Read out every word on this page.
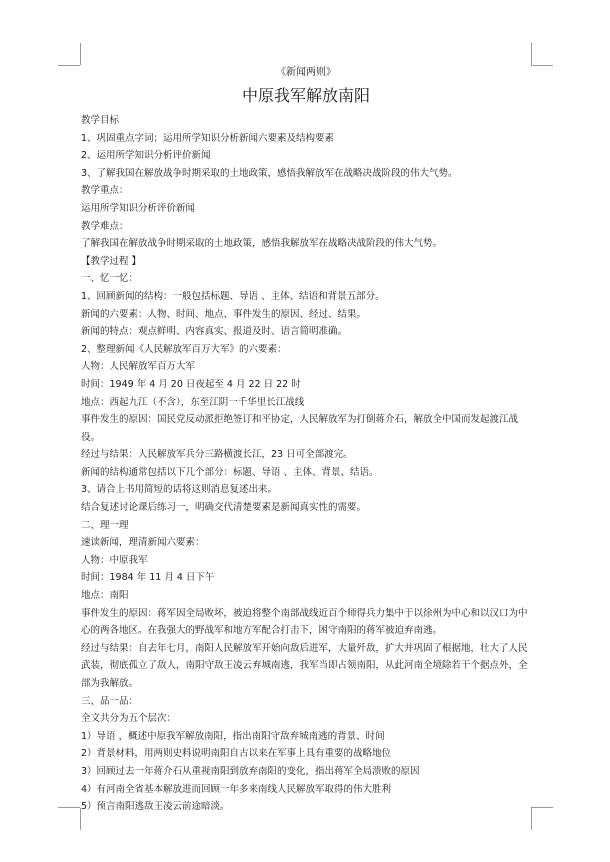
《新闻两则》
中原我军解放南阳
教学目标
1、巩固重点字词；运用所学知识分析新闻六要素及结构要素
2、运用所学知识分析评价新闻
3、了解我国在解放战争时期采取的土地政策，感悟我解放军在战略决战阶段的伟大气势。
教学重点：
运用所学知识分析评价新闻
教学难点：
了解我国在解放战争时期采取的土地政策，感悟我解放军在战略决战阶段的伟大气势。
【教学过程 】
一、忆一忆：
1、回顾新闻的结构：一般包括标题、导语 、主体、结语和背景五部分。
新闻的六要素：人物、时间、地点、事件发生的原因、经过、结果。
新闻的特点：观点鲜明、内容真实、报道及时、语言简明准确。
2、整理新闻《人民解放军百万大军》的六要素：
人物：人民解放军百万大军
时间：1949 年 4 月 20 日夜起至 4 月 22 日 22 时
地点：西起九江（不含），东至江阴一千华里长江战线
事件发生的原因：国民党反动派拒绝签订和平协定，人民解放军为打倒蒋介石，解放全中国而发起渡江战役。
经过与结果：人民解放军兵分三路横渡长江，23 日可全部渡完。
新闻的结构通常包括以下几个部分：标题、导语 、主体、背景、结语。
3、请合上书用简短的话将这则消息复述出来。
结合复述讨论课后练习一，明确交代清楚要素是新闻真实性的需要。
二、理一理
速读新闻，理清新闻六要素：
人物：中原我军
时间：1984 年 11 月 4 日下午
地点：南阳
事件发生的原因：蒋军因全局败坏，被迫将整个南部战线近百个师得兵力集中于以徐州为中心和以汉口为中心的两各地区。在我强大的野战军和地方军配合打击下，困守南阳的蒋军被迫弃南逃。
经过与结果：自去年七月，南阳人民解放军开始向敌后进军，大量歼敌，扩大并巩固了根据地，壮大了人民武装，彻底孤立了敌人，南阳守敌王凌云弃城南逃，我军当即占领南阳，从此河南全境除若干个据点外，全部为我解放。
三、品一品：
全文共分为五个层次：
1）导语 ，概述中原我军解放南阳，指出南阳守敌弃城南逃的背景、时间
2）背景材料，用两则史料说明南阳自古以来在军事上具有重要的战略地位
3）回顾过去一年蒋介石从重视南阳到放弃南阳的变化，指出蒋军全局溃败的原因
4）有河南全省基本解放进而回顾一年多来南线人民解放军取得的伟大胜利
5）预言南阳逃敌王凌云前途暗淡。
